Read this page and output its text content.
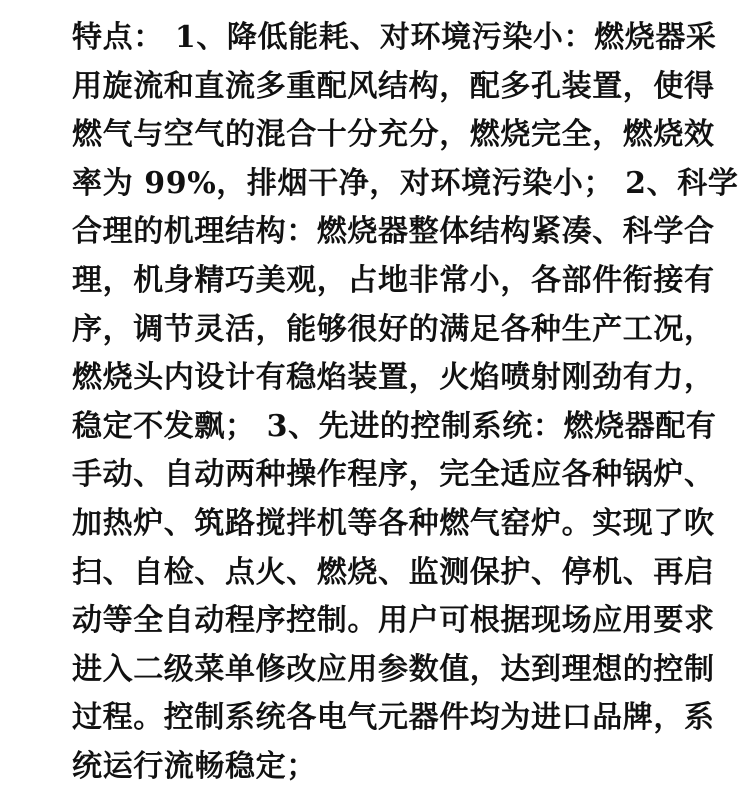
特点： 1、降低能耗、对环境污染小：燃烧器采
用旋流和直流多重配风结构，配多孔装置，使得
燃气与空气的混合十分充分，燃烧完全，燃烧效
率为 99%，排烟干净，对环境污染小； 2、科学
合理的机理结构：燃烧器整体结构紧凑、科学合
理，机身精巧美观，占地非常小，各部件衔接有
序，调节灵活，能够很好的满足各种生产工况，
燃烧头内设计有稳焰装置，火焰喷射刚劲有力，
稳定不发飘； 3、先进的控制系统：燃烧器配有
手动、自动两种操作程序，完全适应各种锅炉、
加热炉、筑路搅拌机等各种燃气窑炉。实现了吹
扫、自检、点火、燃烧、监测保护、停机、再启
动等全自动程序控制。用户可根据现场应用要求
进入二级菜单修改应用参数值，达到理想的控制
过程。控制系统各电气元器件均为进口品牌，系
统运行流畅稳定；
